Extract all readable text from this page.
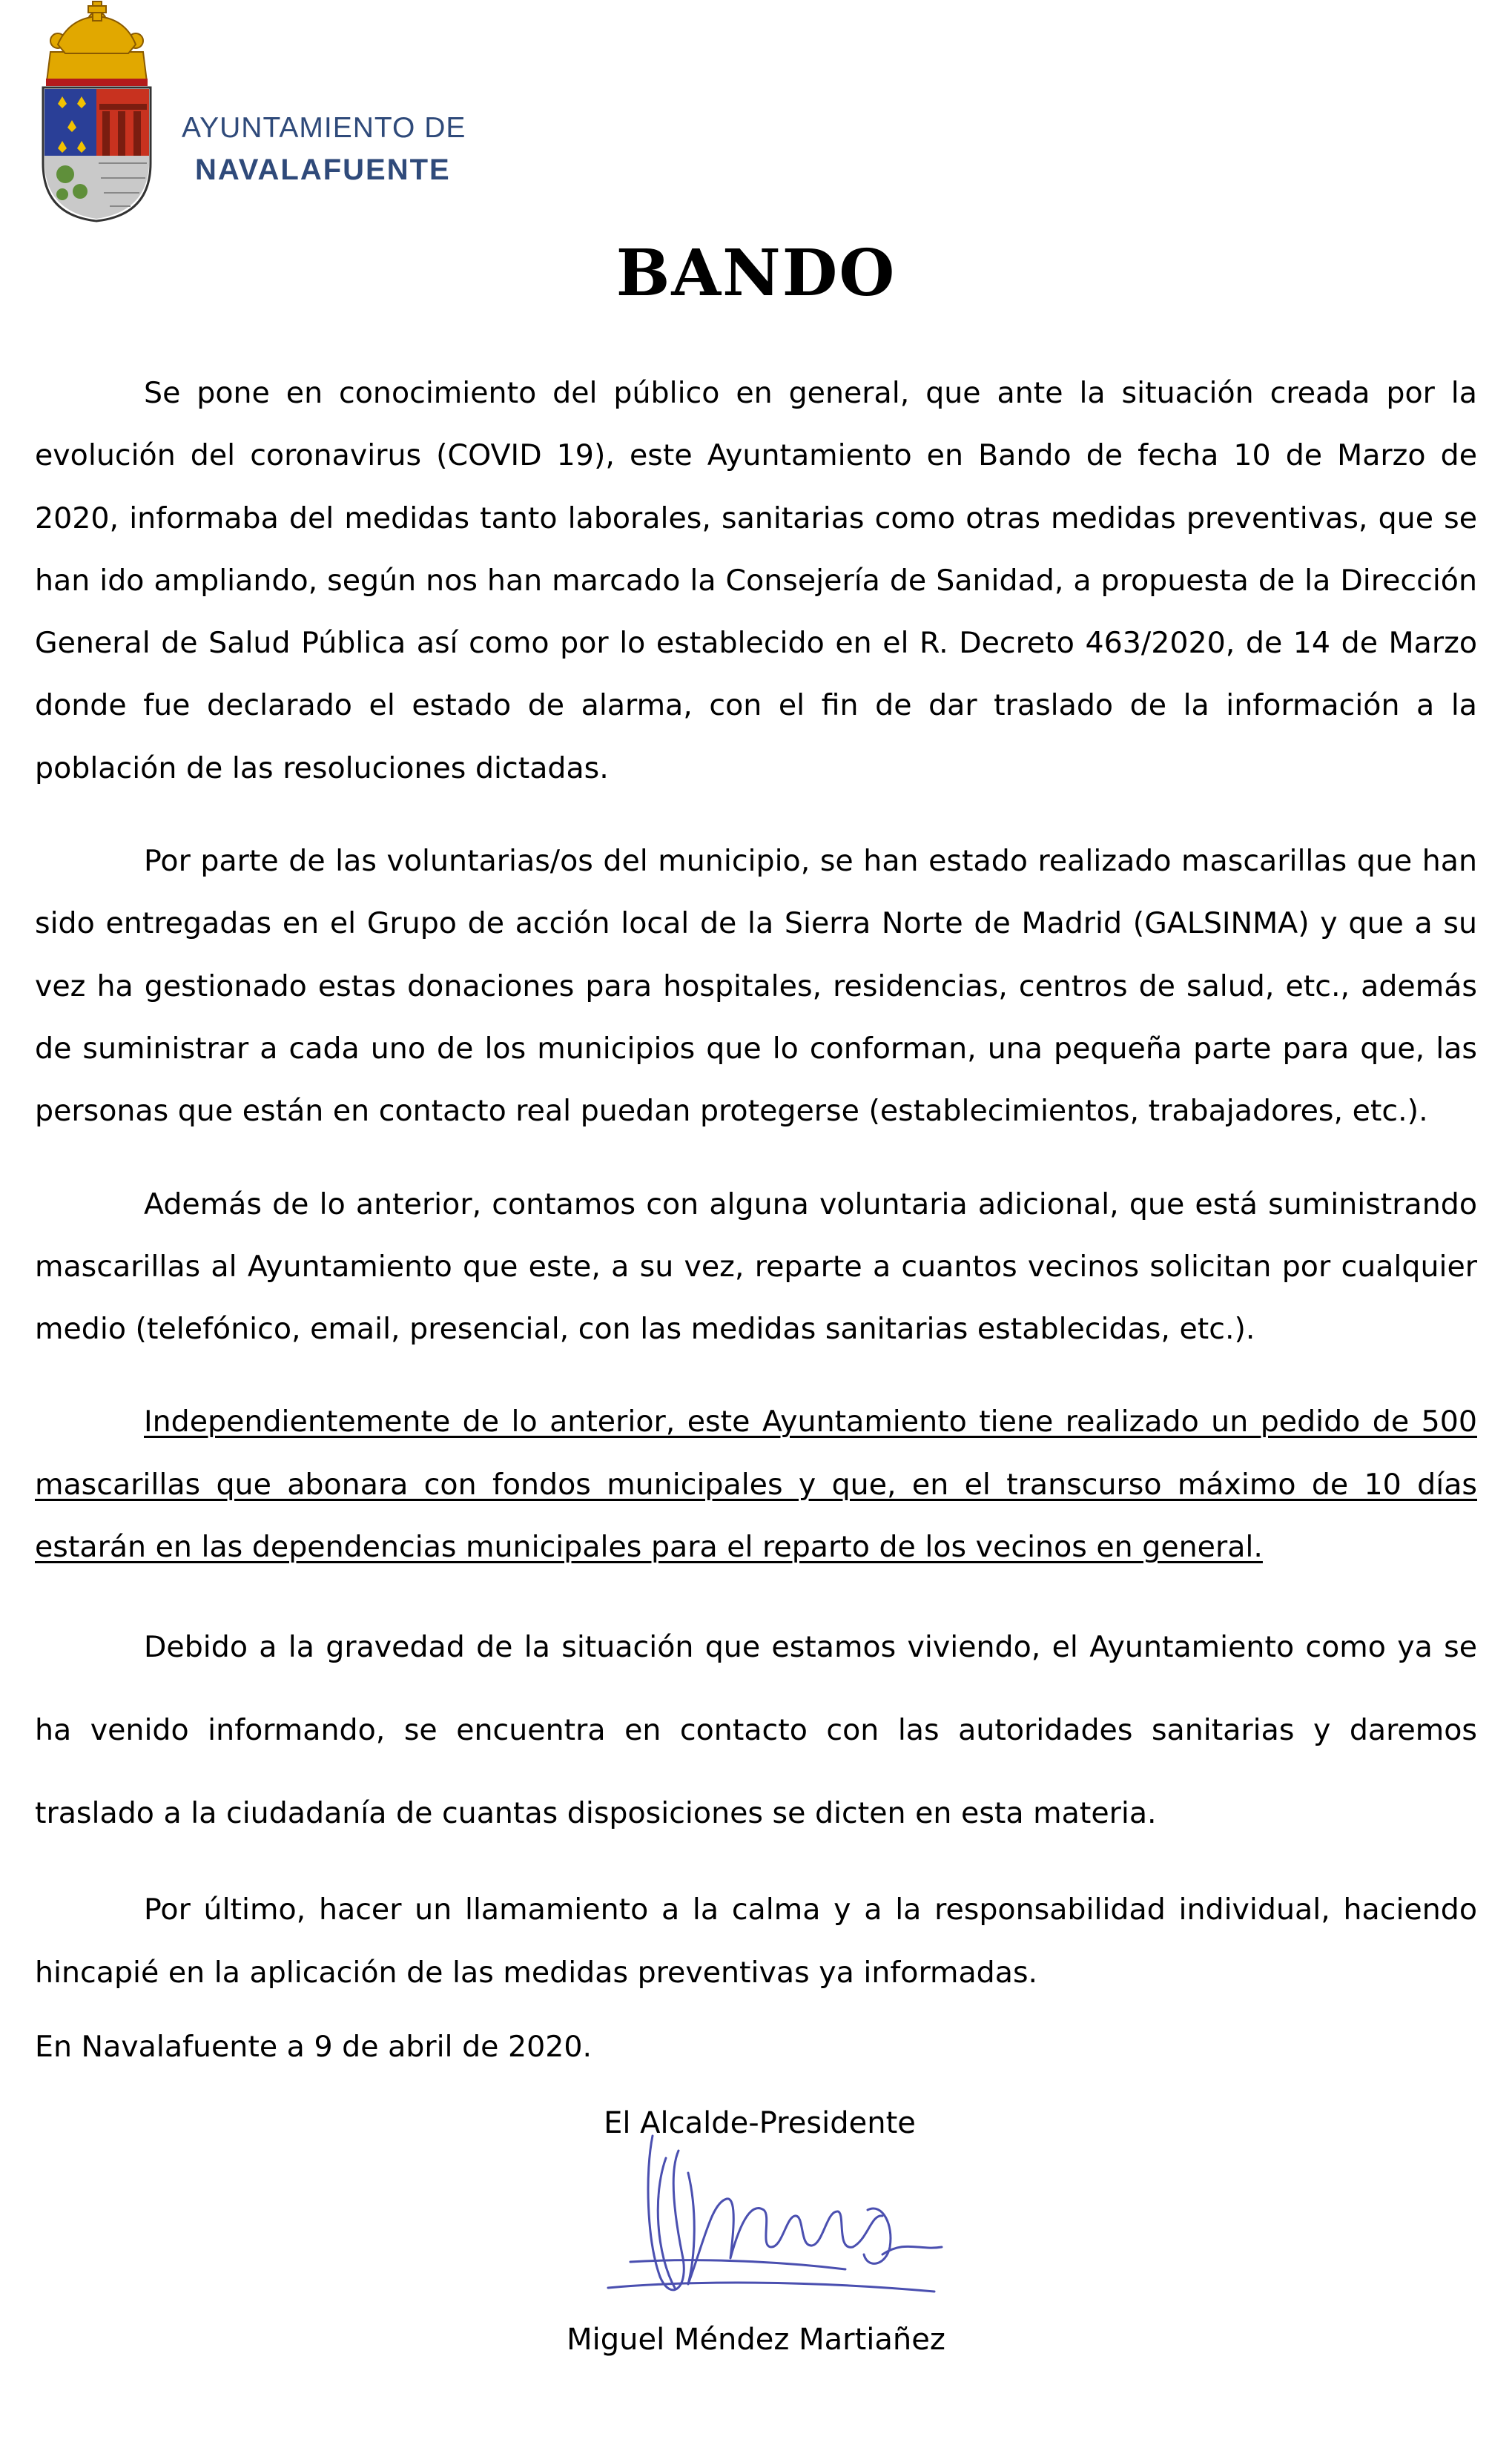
AYUNTAMIENTO DE
NAVALAFUENTE
BANDO

Se pone en conocimiento del público en general, que ante la situación creada por la evolución del coronavirus (COVID 19), este Ayuntamiento en Bando de fecha 10 de Marzo de 2020, informaba del medidas tanto laborales, sanitarias como otras medidas preventivas, que se han ido ampliando, según nos han marcado la Consejería de Sanidad, a propuesta de la Dirección General de Salud Pública así como por lo establecido en el R. Decreto 463/2020, de 14 de Marzo donde fue declarado el estado de alarma, con el fin de dar traslado de la información a la población de las resoluciones dictadas.

Por parte de las voluntarias/os del municipio, se han estado realizado mascarillas que han sido entregadas en el Grupo de acción local de la Sierra Norte de Madrid (GALSINMA) y que a su vez ha gestionado estas donaciones para hospitales, residencias, centros de salud, etc., además de suministrar a cada uno de los municipios que lo conforman, una pequeña parte para que, las personas que están en contacto real puedan protegerse (establecimientos, trabajadores, etc.).

Además de lo anterior, contamos con alguna voluntaria adicional, que está suministrando mascarillas al Ayuntamiento que este, a su vez, reparte a cuantos vecinos solicitan por cualquier medio (telefónico, email, presencial, con las medidas sanitarias establecidas, etc.).

Independientemente de lo anterior, este Ayuntamiento tiene realizado un pedido de 500 mascarillas que abonara con fondos municipales y que, en el transcurso máximo de 10 días estarán en las dependencias municipales para el reparto de los vecinos en general.

Debido a la gravedad de la situación que estamos viviendo, el Ayuntamiento como ya se ha venido informando, se encuentra en contacto con las autoridades sanitarias y daremos traslado a la ciudadanía de cuantas disposiciones se dicten en esta materia.

Por último, hacer un llamamiento a la calma y a la responsabilidad individual, haciendo hincapié en la aplicación de las medidas preventivas ya informadas.

En Navalafuente a 9 de abril de 2020.

El Alcalde-Presidente
Miguel Méndez Martiañez
